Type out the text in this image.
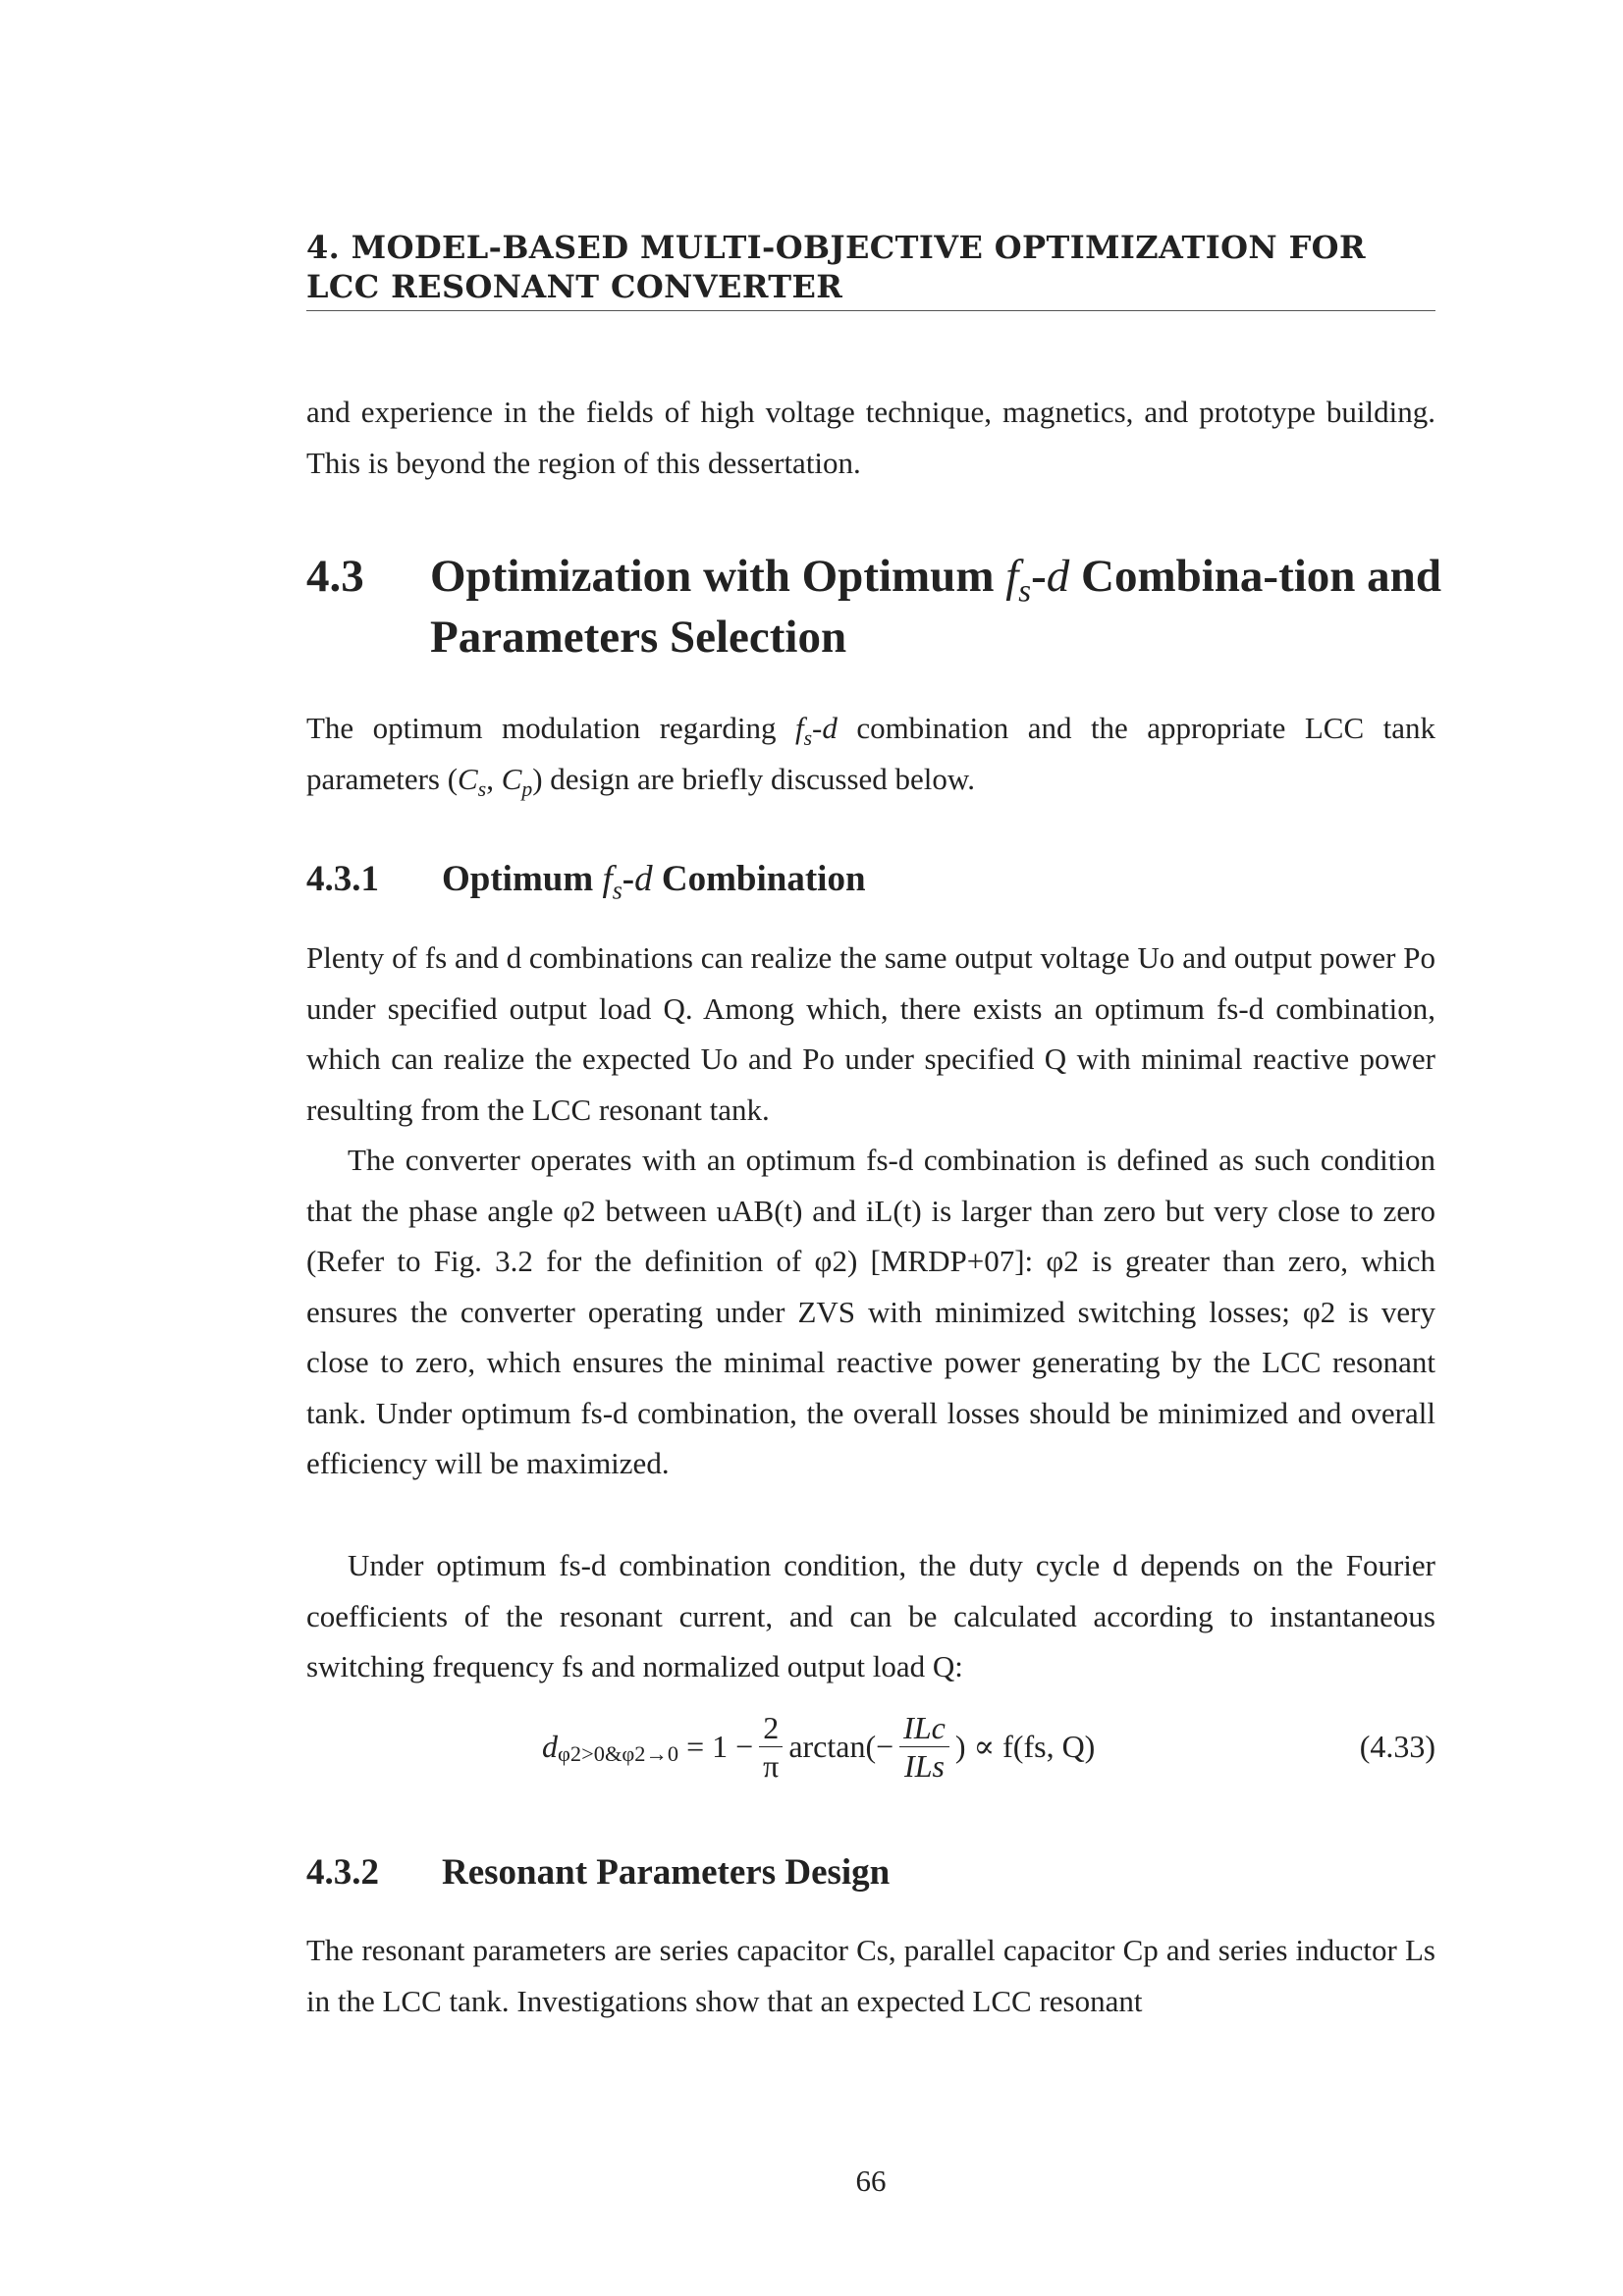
4. MODEL-BASED MULTI-OBJECTIVE OPTIMIZATION FOR
LCC RESONANT CONVERTER

and experience in the fields of high voltage technique, magnetics, and prototype building. This is beyond the region of this dessertation.

4.3 Optimization with Optimum $f_s-d$ Combina-tion and Parameters Selection

The optimum modulation regarding $f_s-d$ combination and the appropriate LCC tank parameters ($C_s$, $C_p$) design are briefly discussed below.

4.3.1 Optimum $f_s-d$ Combination

Plenty of fs and d combinations can realize the same output voltage Uo and output power Po under specified output load Q. Among which, there exists an optimum fs-d combination, which can realize the expected Uo and Po under specified Q with minimal reactive power resulting from the LCC resonant tank.

The converter operates with an optimum fs-d combination is defined as such condition that the phase angle φ2 between uAB(t) and iL(t) is larger than zero but very close to zero (Refer to Fig. 3.2 for the definition of φ2) [MRDP+07]: φ2 is greater than zero, which ensures the converter operating under ZVS with minimized switching losses; φ2 is very close to zero, which ensures the minimal reactive power generating by the LCC resonant tank. Under optimum fs-d combination, the overall losses should be minimized and overall efficiency will be maximized.

Under optimum fs-d combination condition, the duty cycle d depends on the Fourier coefficients of the resonant current, and can be calculated according to instantaneous switching frequency fs and normalized output load Q:

$d_{\varphi 2>0\&\varphi 2\to 0} = 1 - \frac{2}{\pi} \arctan(- \frac{\text{ILc}}{\text{ILs}}$ ) ∝ f(fs, Q)	(4.33)
4.3.2 Resonant Parameters Design

The resonant parameters are series capacitor Cs, parallel capacitor Cp and series inductor Ls in the LCC tank. Investigations show that an expected LCC resonant

66
